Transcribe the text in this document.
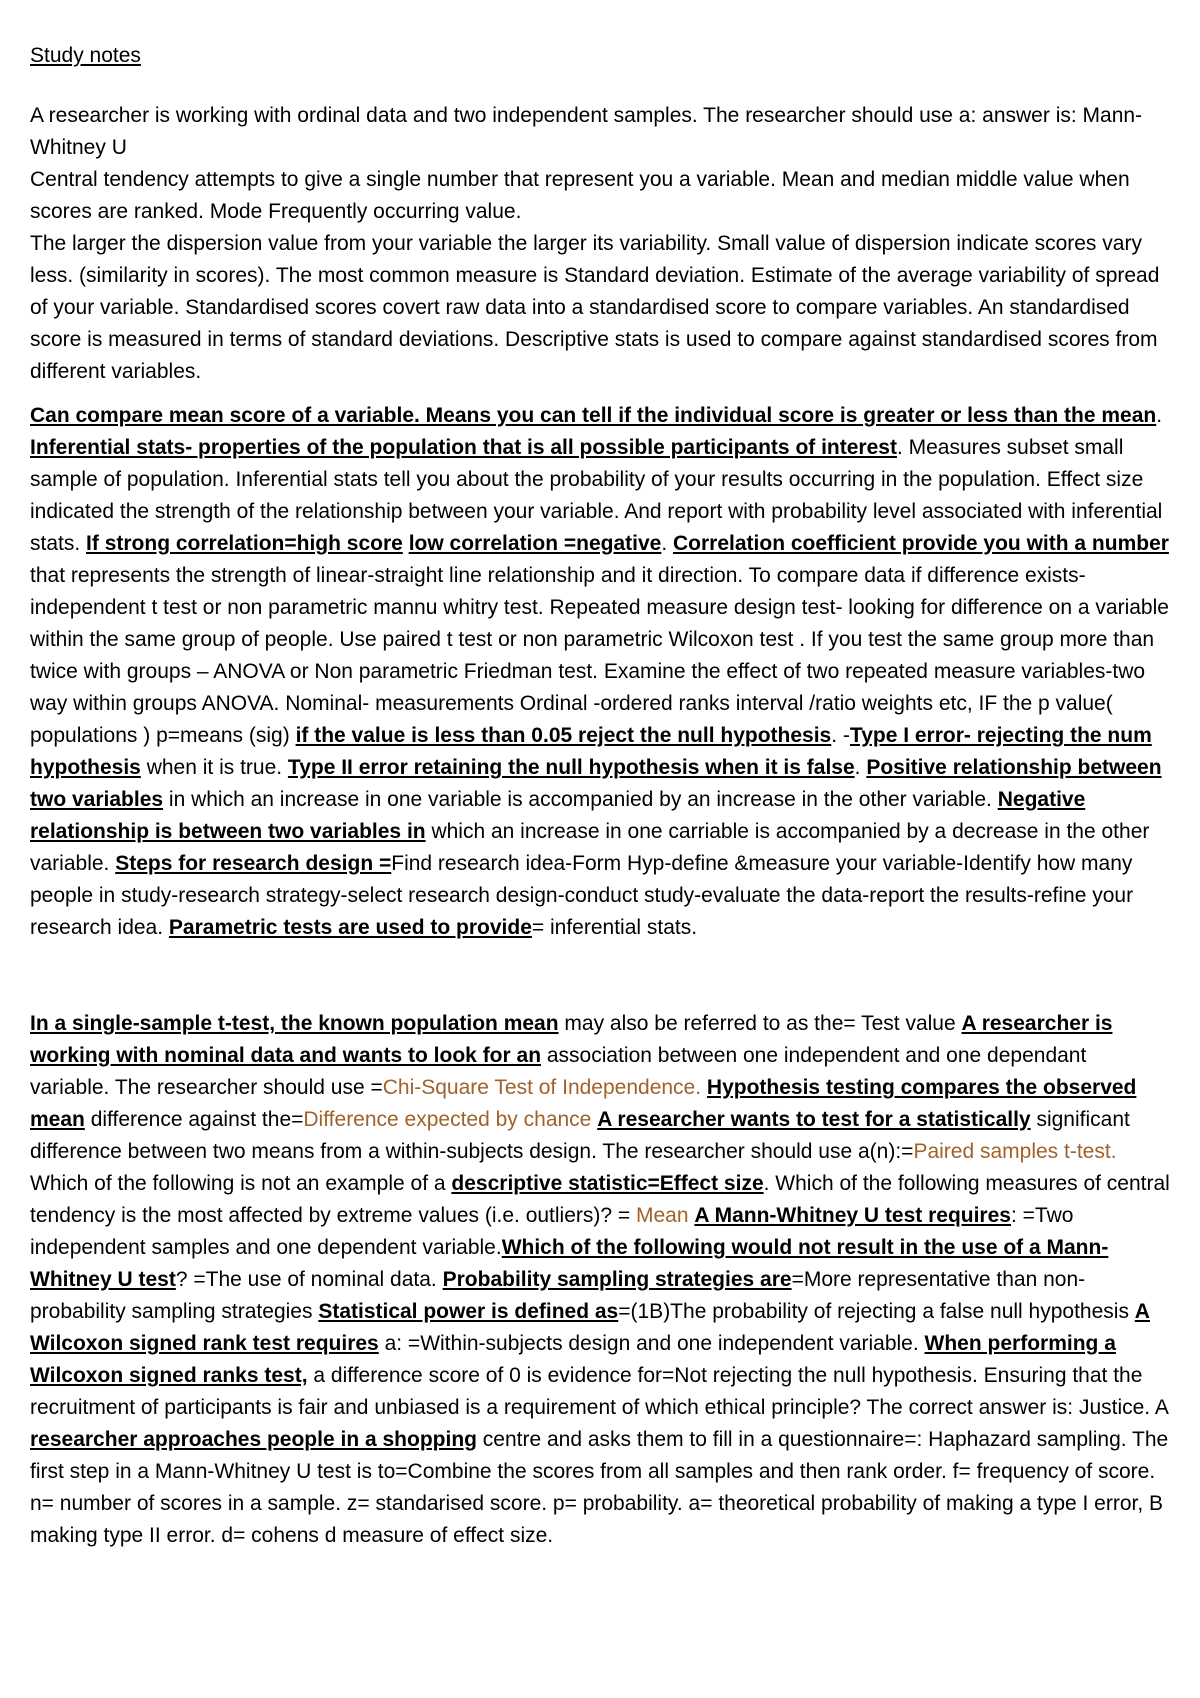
Study notes

A researcher is working with ordinal data and two independent samples. The researcher should use a: answer is: Mann-Whitney U
Central tendency attempts to give a single number that represent you a variable. Mean and median middle value when scores are ranked. Mode Frequently occurring value.
The larger the dispersion value from your variable the larger its variability. Small value of dispersion indicate scores vary less. (similarity in scores). The most common measure is Standard deviation. Estimate of the average variability of spread of your variable. Standardised scores covert raw data into a standardised score to compare variables. An standardised score is measured in terms of standard deviations. Descriptive stats is used to compare against standardised scores from different variables.

Can compare mean score of a variable. Means you can tell if the individual score is greater or less than the mean. Inferential stats- properties of the population that is all possible participants of interest. Measures subset small sample of population. Inferential stats tell you about the probability of your results occurring in the population. Effect size indicated the strength of the relationship between your variable. And report with probability level associated with inferential stats. If strong correlation=high score low correlation =negative. Correlation coefficient provide you with a number that represents the strength of linear-straight line relationship and it direction. To compare data if difference exists-independent t test or non parametric mannu whitry test. Repeated measure design test- looking for difference on a variable within the same group of people. Use paired t test or non parametric Wilcoxon test . If you test the same group more than twice with groups – ANOVA or Non parametric Friedman test. Examine the effect of two repeated measure variables-two way within groups ANOVA. Nominal- measurements Ordinal -ordered ranks interval /ratio weights etc, IF the p value( populations ) p=means (sig) if the value is less than 0.05 reject the null hypothesis. -Type I error- rejecting the num hypothesis when it is true. Type II error retaining the null hypothesis when it is false. Positive relationship between two variables in which an increase in one variable is accompanied by an increase in the other variable. Negative relationship is between two variables in which an increase in one carriable is accompanied by a decrease in the other variable. Steps for research design =Find research idea-Form Hyp-define &measure your variable-Identify how many people in study-research strategy-select research design-conduct study-evaluate the data-report the results-refine your research idea. Parametric tests are used to provide= inferential stats.

In a single-sample t-test, the known population mean may also be referred to as the= Test value A researcher is working with nominal data and wants to look for an association between one independent and one dependant variable. The researcher should use =Chi-Square Test of Independence. Hypothesis testing compares the observed mean difference against the=Difference expected by chance A researcher wants to test for a statistically significant difference between two means from a within-subjects design. The researcher should use a(n):=Paired samples t-test. Which of the following is not an example of a descriptive statistic=Effect size. Which of the following measures of central tendency is the most affected by extreme values (i.e. outliers)? = Mean A Mann-Whitney U test requires: =Two independent samples and one dependent variable.Which of the following would not result in the use of a Mann-Whitney U test? =The use of nominal data. Probability sampling strategies are=More representative than non-probability sampling strategies Statistical power is defined as=(1B)The probability of rejecting a false null hypothesis A Wilcoxon signed rank test requires a: =Within-subjects design and one independent variable. When performing a Wilcoxon signed ranks test, a difference score of 0 is evidence for=Not rejecting the null hypothesis. Ensuring that the recruitment of participants is fair and unbiased is a requirement of which ethical principle? The correct answer is: Justice. A researcher approaches people in a shopping centre and asks them to fill in a questionnaire=: Haphazard sampling. The first step in a Mann-Whitney U test is to=Combine the scores from all samples and then rank order. f= frequency of score. n= number of scores in a sample. z= standarised score. p= probability. a= theoretical probability of making a type I error, B making type II error. d= cohens d measure of effect size.
